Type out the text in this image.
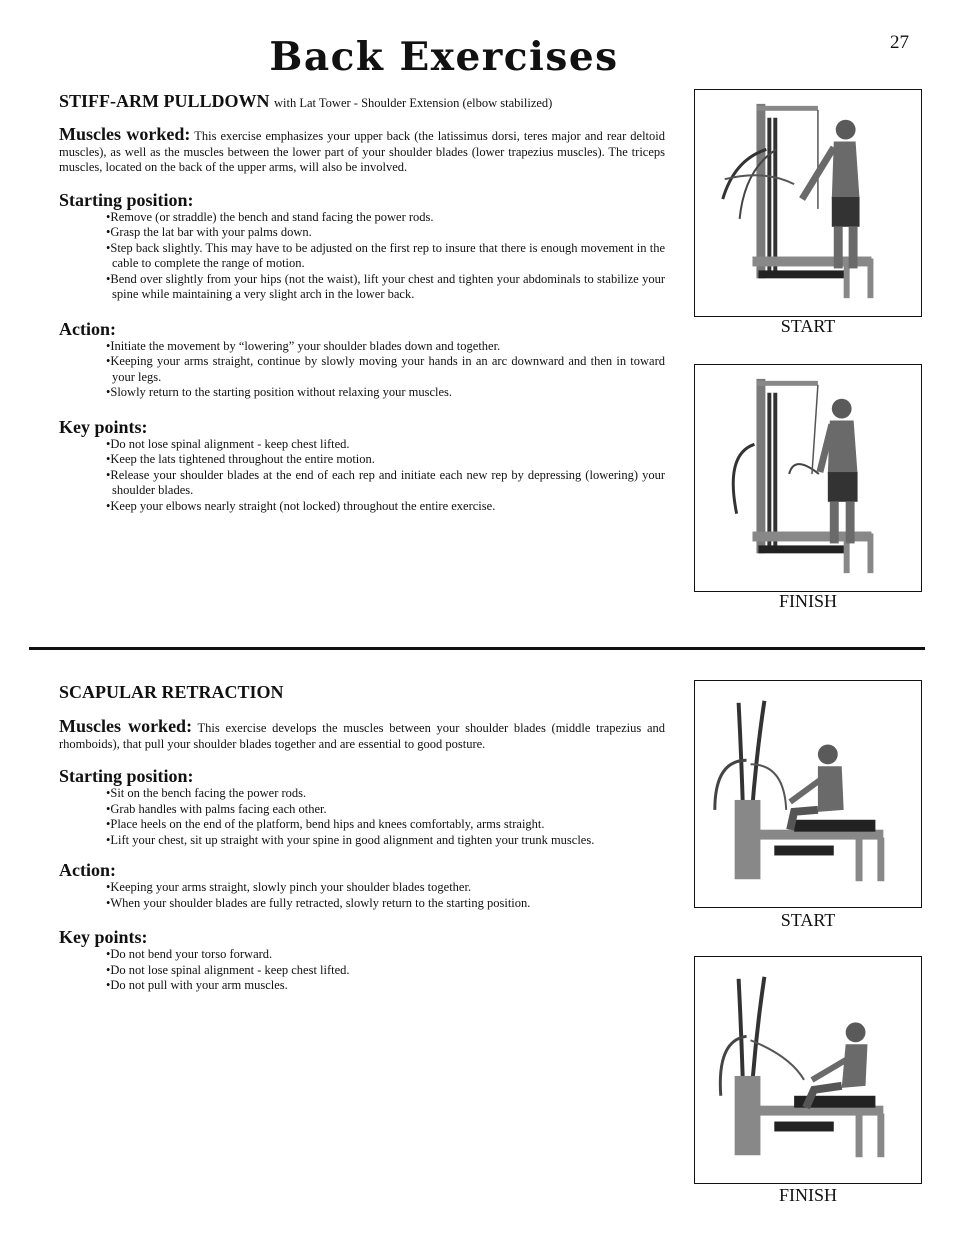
Back Exercises	27

STIFF-ARM PULLDOWN with Lat Tower - Shoulder Extension (elbow stabilized)

Muscles worked: This exercise emphasizes your upper back (the latissimus dorsi, teres major and rear deltoid muscles), as well as the muscles between the lower part of your shoulder blades (lower trapezius muscles). The triceps muscles, located on the back of the upper arms, will also be involved.

Starting position:
•Remove (or straddle) the bench and stand facing the power rods.
•Grasp the lat bar with your palms down.
•Step back slightly. This may have to be adjusted on the first rep to insure that there is enough movement in the cable to complete the range of motion.
•Bend over slightly from your hips (not the waist), lift your chest and tighten your abdominals to stabilize your spine while maintaining a very slight arch in the lower back.
Action:
•Initiate the movement by “lowering” your shoulder blades down and together.
•Keeping your arms straight, continue by slowly moving your hands in an arc downward and then in toward your legs.
•Slowly return to the starting position without relaxing your muscles.
Key points:
•Do not lose spinal alignment - keep chest lifted.
•Keep the lats tightened throughout the entire motion.
•Release your shoulder blades at the end of each rep and initiate each new rep by depressing (lowering) your shoulder blades.
•Keep your elbows nearly straight (not locked) throughout the entire exercise.
START
FINISH

SCAPULAR RETRACTION

Muscles worked: This exercise develops the muscles between your shoulder blades (middle trapezius and rhomboids), that pull your shoulder blades together and are essential to good posture.

Starting position:
•Sit on the bench facing the power rods.
•Grab handles with palms facing each other.
•Place heels on the end of the platform, bend hips and knees comfortably, arms straight.
•Lift your chest, sit up straight with your spine in good alignment and tighten your trunk muscles.
Action:
•Keeping your arms straight, slowly pinch your shoulder blades together.
•When your shoulder blades are fully retracted, slowly return to the starting position.
Key points:
•Do not bend your torso forward.
•Do not lose spinal alignment - keep chest lifted.
•Do not pull with your arm muscles.
START
FINISH
